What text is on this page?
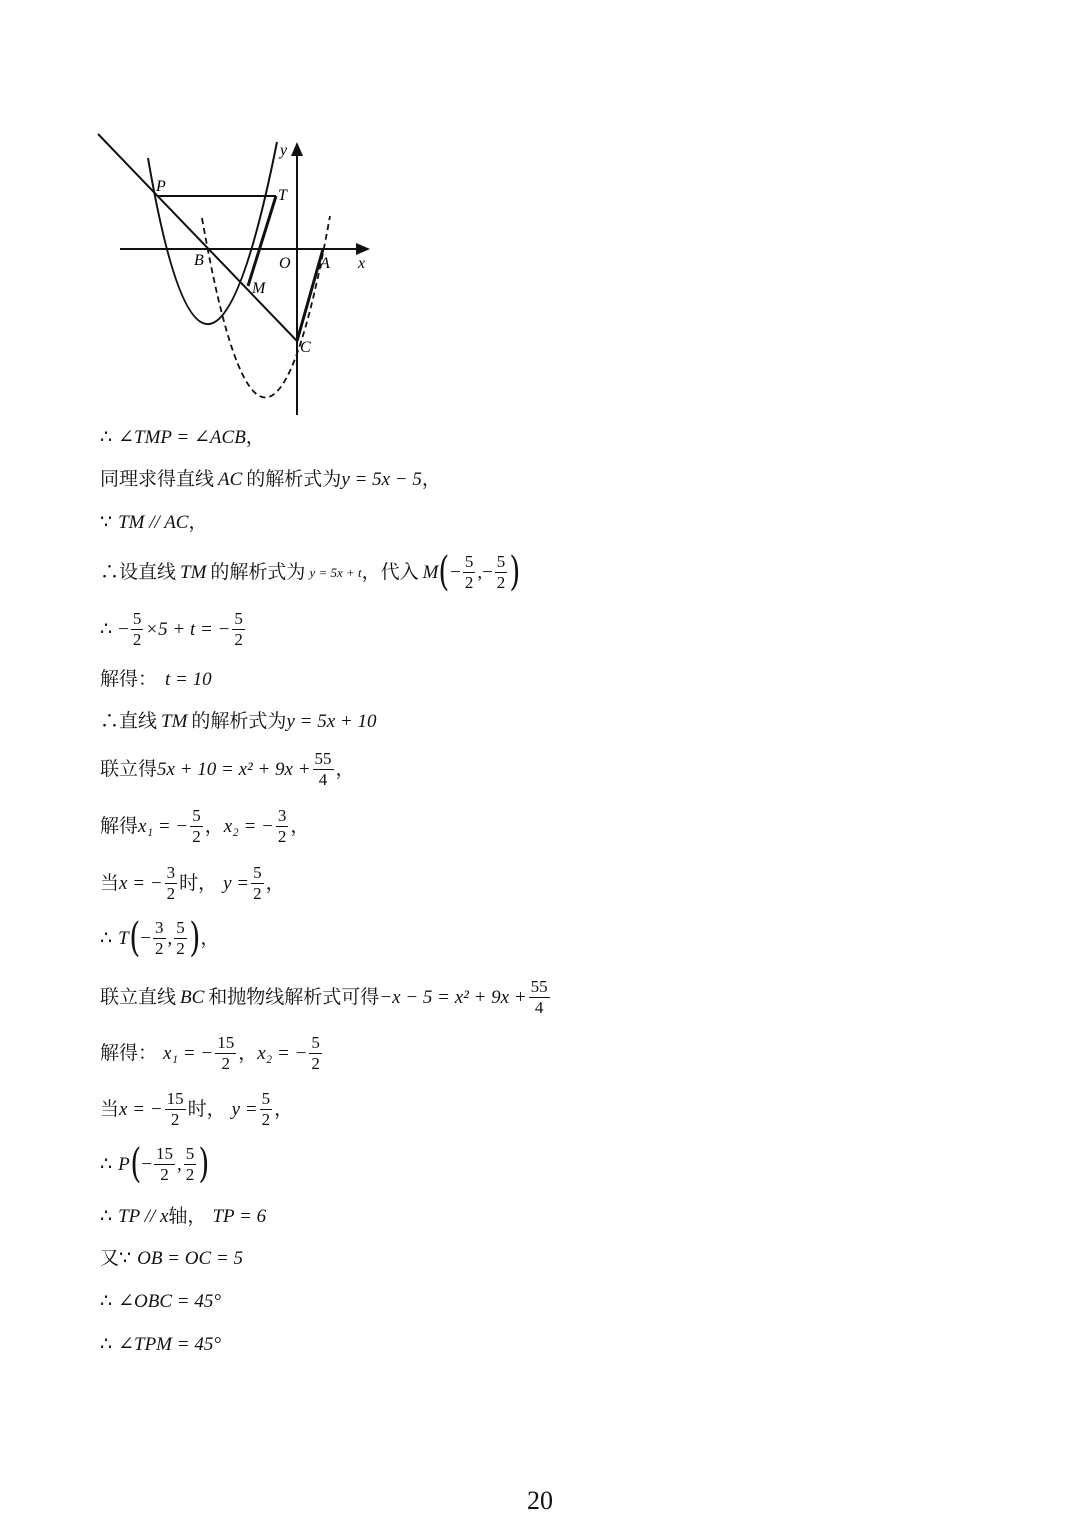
y
x
P
T
B	O A
M
C
∴ ∠TMP = ∠ACB ，
同理求得直线 AC 的解析式为 y = 5x − 5 ，
∵ TM // AC ，
∴设直线 TM 的解析式为 y = 5x + t ，代入 M ( − $\frac{5}{2}$ , − $\frac{5}{2}$ )
∴ − $\frac{5}{2} \times 5 + t$ = − $\frac{5}{2}$
解得： t = 10
∴直线 TM 的解析式为 y = 5x + 10
联立得 $5x + 10 = x^2 + 9x + \frac{55}{4}$ ，
解得 x₁ = − $\frac{5}{2}$ ， x₂ = − $\frac{3}{2}$ ，
当 x = − $\frac{3}{2}$ 时， $y = \frac{5}{2}$ ，
∴ T ( − $\frac{3}{2}$ , $\frac{5}{2}$ ) ，
联立直线 BC 和抛物线解析式可得 $-x - 5 = x^2 + 9x + \frac{55}{4}$
解得： x₁ = − $\frac{15}{2}$ ， x₂ = − $\frac{5}{2}$
当 x = − $\frac{15}{2}$ 时， $y = \frac{5}{2}$ ，
∴ P ( − $\frac{15}{2}$ , $\frac{5}{2}$ )
∴ TP // x 轴， TP = 6
又 ∵ OB = OC = 5
∴ ∠OBC = 45°
∴ ∠TPM = 45°
20
